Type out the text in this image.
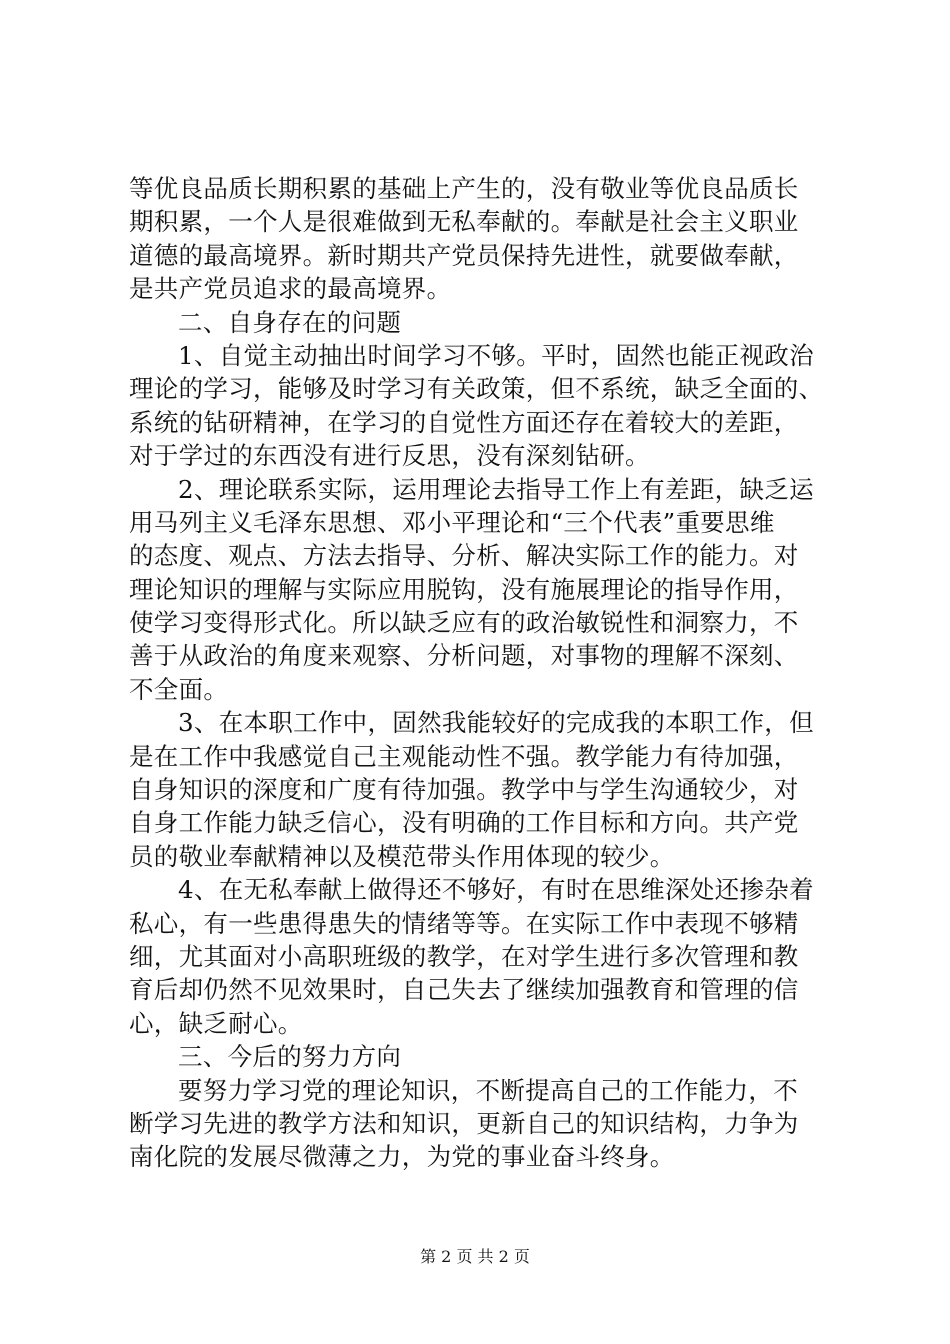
等优良品质长期积累的基础上产生的，没有敬业等优良品质长
期积累，一个人是很难做到无私奉献的。奉献是社会主义职业
道德的最高境界。新时期共产党员保持先进性，就要做奉献，
是共产党员追求的最高境界。
二、自身存在的问题
1、自觉主动抽出时间学习不够。平时，固然也能正视政治
理论的学习，能够及时学习有关政策，但不系统，缺乏全面的、
系统的钻研精神，在学习的自觉性方面还存在着较大的差距，
对于学过的东西没有进行反思，没有深刻钻研。
2、理论联系实际，运用理论去指导工作上有差距，缺乏运
用马列主义毛泽东思想、邓小平理论和“三个代表”重要思维
的态度、观点、方法去指导、分析、解决实际工作的能力。对
理论知识的理解与实际应用脱钩，没有施展理论的指导作用，
使学习变得形式化。所以缺乏应有的政治敏锐性和洞察力，不
善于从政治的角度来观察、分析问题，对事物的理解不深刻、
不全面。
3、在本职工作中，固然我能较好的完成我的本职工作，但
是在工作中我感觉自己主观能动性不强。教学能力有待加强，
自身知识的深度和广度有待加强。教学中与学生沟通较少，对
自身工作能力缺乏信心，没有明确的工作目标和方向。共产党
员的敬业奉献精神以及模范带头作用体现的较少。
4、在无私奉献上做得还不够好，有时在思维深处还掺杂着
私心，有一些患得患失的情绪等等。在实际工作中表现不够精
细，尤其面对小高职班级的教学，在对学生进行多次管理和教
育后却仍然不见效果时，自己失去了继续加强教育和管理的信
心，缺乏耐心。
三、今后的努力方向
要努力学习党的理论知识，不断提高自己的工作能力，不
断学习先进的教学方法和知识，更新自己的知识结构，力争为
南化院的发展尽微薄之力，为党的事业奋斗终身。
第 2 页 共 2 页
